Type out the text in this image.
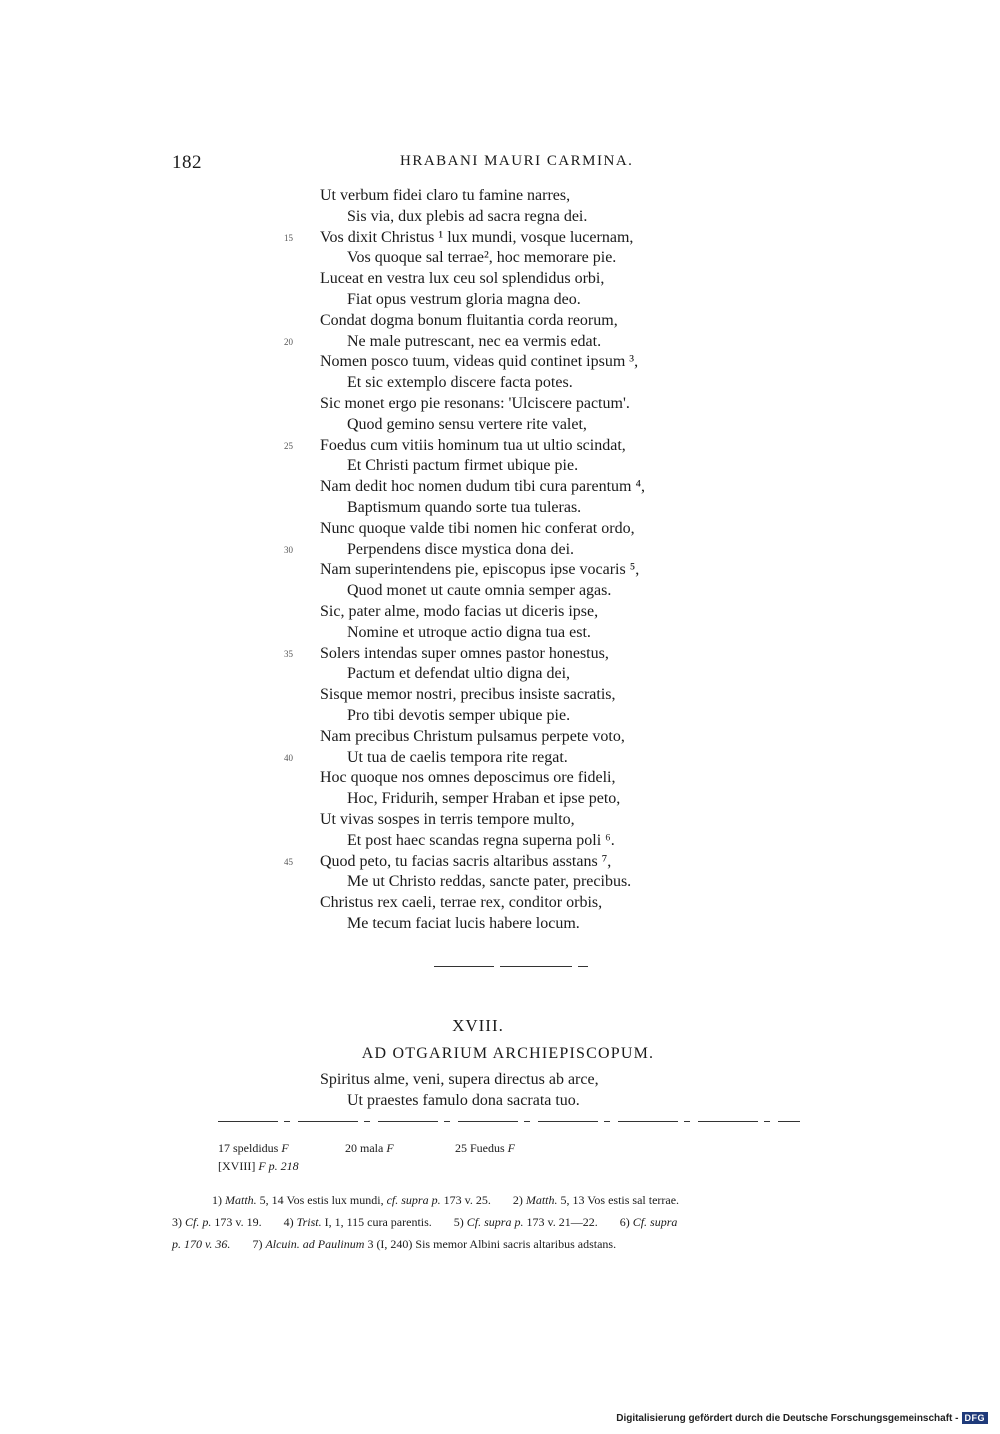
182	HRABANI MAURI CARMINA.
Ut verbum fidei claro tu famine narres,
Sis via, dux plebis ad sacra regna dei.
15 Vos dixit Christus ¹ lux mundi, vosque lucernam,
Vos quoque sal terrae², hoc memorare pie.
Luceat en vestra lux ceu sol splendidus orbi,
Fiat opus vestrum gloria magna deo.
Condat dogma bonum fluitantia corda reorum,
20	Ne male putrescant, nec ea vermis edat.
Nomen posco tuum, videas quid continet ipsum ³,
Et sic extemplo discere facta potes.
Sic monet ergo pie resonans: 'Ulciscere pactum'.
Quod gemino sensu vertere rite valet,
25 Foedus cum vitiis hominum tua ut ultio scindat,
Et Christi pactum firmet ubique pie.
Nam dedit hoc nomen dudum tibi cura parentum ⁴,
Baptismum quando sorte tua tuleras.
Nunc quoque valde tibi nomen hic conferat ordo,
30	Perpendens disce mystica dona dei.
Nam superintendens pie, episcopus ipse vocaris ⁵,
Quod monet ut caute omnia semper agas.
Sic, pater alme, modo facias ut diceris ipse,
Nomine et utroque actio digna tua est.
35 Solers intendas super omnes pastor honestus,
Pactum et defendat ultio digna dei,
Sisque memor nostri, precibus insiste sacratis,
Pro tibi devotis semper ubique pie.
Nam precibus Christum pulsamus perpete voto,
40	Ut tua de caelis tempora rite regat.
Hoc quoque nos omnes deposcimus ore fideli,
Hoc, Fridurih, semper Hraban et ipse peto,
Ut vivas sospes in terris tempore multo,
Et post haec scandas regna superna poli ⁶.
45 Quod peto, tu facias sacris altaribus asstans ⁷,
Me ut Christo reddas, sancte pater, precibus.
Christus rex caeli, terrae rex, conditor orbis,
Me tecum faciat lucis habere locum.
XVIII.
AD OTGARIUM ARCHIEPISCOPUM.
Spiritus alme, veni, supera directus ab arce,
Ut praestes famulo dona sacrata tuo.
17 speldidus F	20 mala F	25 Fuedus F
[XVIII] F p. 218
1) Matth. 5, 14 Vos estis lux mundi, cf. supra p. 173 v. 25. 2) Matth. 5, 13 Vos estis sal terrae.
3) Cf. p. 173 v. 19. 4) Trist. I, 1, 115 cura parentis. 5) Cf. supra p. 173 v. 21—22. 6) Cf. supra
p. 170 v. 36. 7) Alcuin. ad Paulinum 3 (I, 240) Sis memor Albini sacris altaribus adstans.
Digitalisierung gefördert durch die Deutsche Forschungsgemeinschaft - DFG
